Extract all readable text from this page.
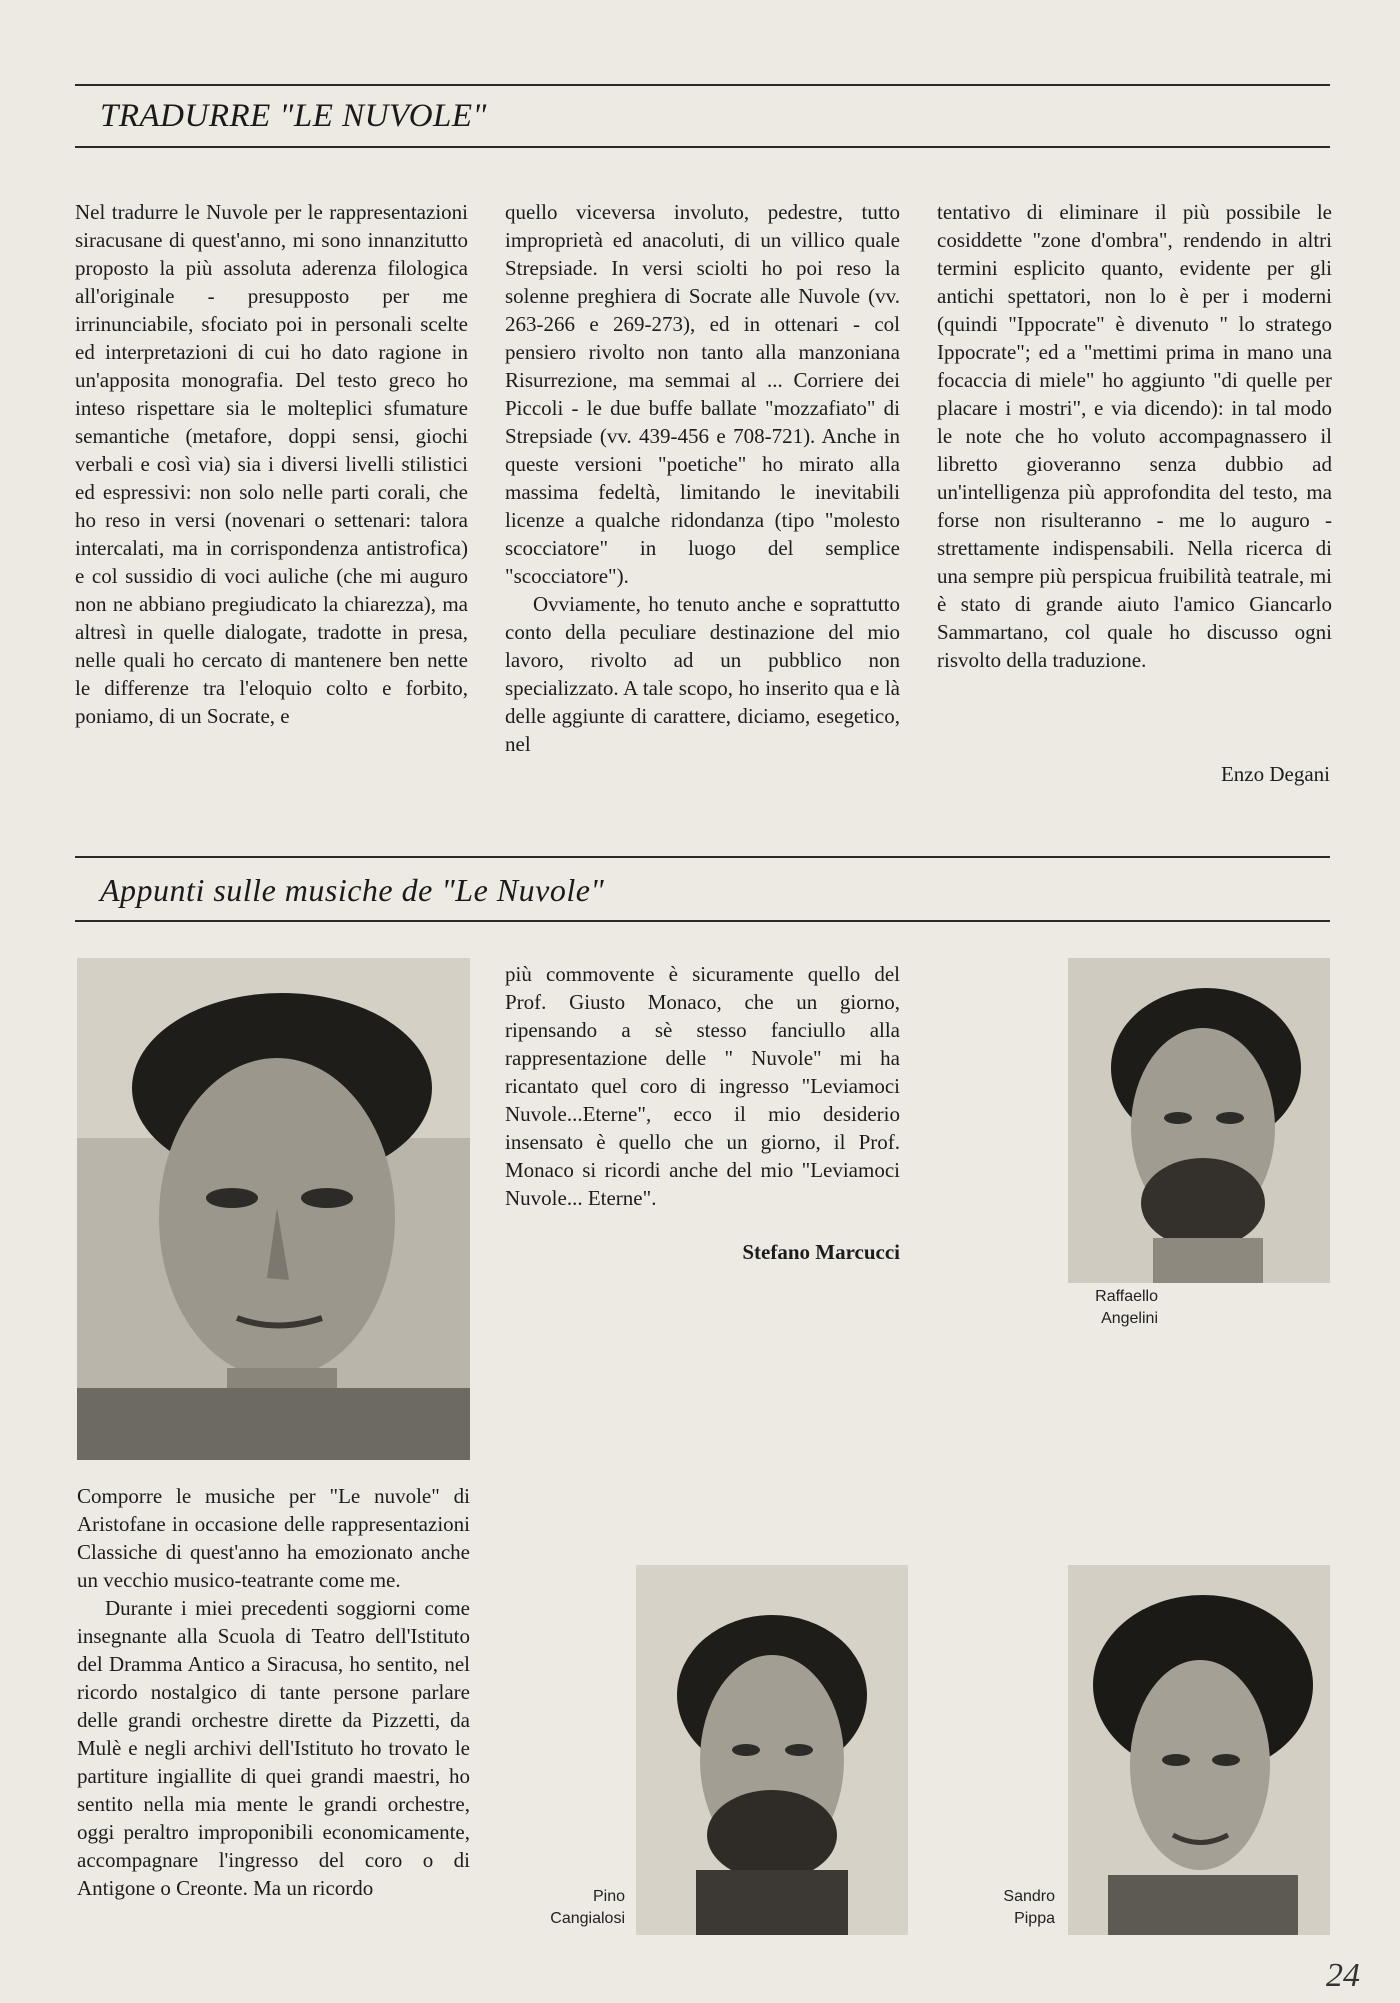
TRADURRE "LE NUVOLE"

Nel tradurre le Nuvole per le rappresentazioni siracusane di quest'anno, mi sono innanzitutto proposto la più assoluta aderenza filologica all'originale - presupposto per me irrinunciabile, sfociato poi in personali scelte ed interpretazioni di cui ho dato ragione in un'apposita monografia. Del testo greco ho inteso rispettare sia le molteplici sfumature semantiche (metafore, doppi sensi, giochi verbali e così via) sia i diversi livelli stilistici ed espressivi: non solo nelle parti corali, che ho reso in versi (novenari o settenari: talora intercalati, ma in corrispondenza antistrofica) e col sussidio di voci auliche (che mi auguro non ne abbiano pregiudicato la chiarezza), ma altresì in quelle dialogate, tradotte in presa, nelle quali ho cercato di mantenere ben nette le differenze tra l'eloquio colto e forbito, poniamo, di un Socrate, e

quello viceversa involuto, pedestre, tutto improprietà ed anacoluti, di un villico quale Strepsiade. In versi sciolti ho poi reso la solenne preghiera di Socrate alle Nuvole (vv. 263-266 e 269-273), ed in ottenari - col pensiero rivolto non tanto alla manzoniana Risurrezione, ma semmai al ... Corriere dei Piccoli - le due buffe ballate "mozzafiato" di Strepsiade (vv. 439-456 e 708-721). Anche in queste versioni "poetiche" ho mirato alla massima fedeltà, limitando le inevitabili licenze a qualche ridondanza (tipo "molesto scocciatore" in luogo del semplice "scocciatore").

Ovviamente, ho tenuto anche e soprattutto conto della peculiare destinazione del mio lavoro, rivolto ad un pubblico non specializzato. A tale scopo, ho inserito qua e là delle aggiunte di carattere, diciamo, esegetico, nel

tentativo di eliminare il più possibile le cosiddette "zone d'ombra", rendendo in altri termini esplicito quanto, evidente per gli antichi spettatori, non lo è per i moderni (quindi "Ippocrate" è divenuto " lo stratego Ippocrate"; ed a "mettimi prima in mano una focaccia di miele" ho aggiunto "di quelle per placare i mostri", e via dicendo): in tal modo le note che ho voluto accompagnassero il libretto gioveranno senza dubbio ad un'intelligenza più approfondita del testo, ma forse non risulteranno - me lo auguro - strettamente indispensabili. Nella ricerca di una sempre più perspicua fruibilità teatrale, mi è stato di grande aiuto l'amico Giancarlo Sammartano, col quale ho discusso ogni risvolto della traduzione.

Enzo Degani
Appunti sulle musiche de "Le Nuvole"

più commovente è sicuramente quello del Prof. Giusto Monaco, che un giorno, ripensando a sè stesso fanciullo alla rappresentazione delle " Nuvole" mi ha ricantato quel coro di ingresso "Leviamoci Nuvole...Eterne", ecco il mio desiderio insensato è quello che un giorno, il Prof. Monaco si ricordi anche del mio "Leviamoci Nuvole... Eterne".

Stefano Marcucci
Raffaello
Angelini

Comporre le musiche per "Le nuvole" di Aristofane in occasione delle rappresentazioni Classiche di quest'anno ha emozionato anche un vecchio musico-teatrante come me.

Durante i miei precedenti soggiorni come insegnante alla Scuola di Teatro dell'Istituto del Dramma Antico a Siracusa, ho sentito, nel ricordo nostalgico di tante persone parlare delle grandi orchestre dirette da Pizzetti, da Mulè e negli archivi dell'Istituto ho trovato le partiture ingiallite di quei grandi maestri, ho sentito nella mia mente le grandi orchestre, oggi peraltro improponibili economicamente, accompagnare l'ingresso del coro o di Antigone o Creonte. Ma un ricordo	Pino
Cangialosi
Sandro
Pippa
24
